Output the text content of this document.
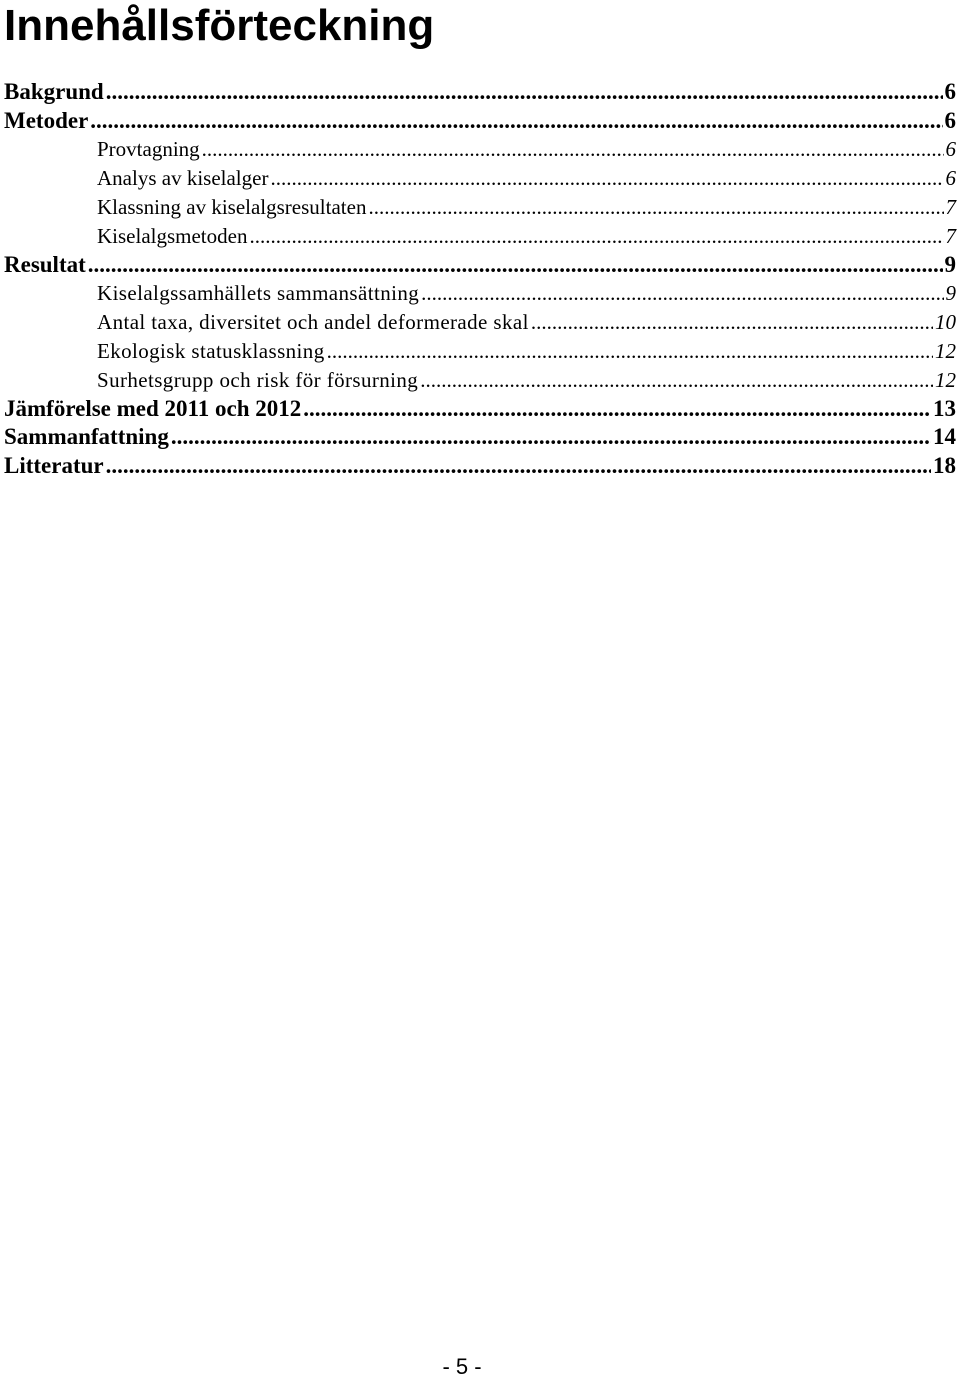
Innehållsförteckning
Bakgrund .....	6
Metoder .....	6
Provtagning .....	6
Analys av kiselalger .....	6
Klassning av kiselalgsresultaten .....	7
Kiselalgsmetoden .....	7
Resultat .....	9
Kiselalgssamhällets sammansättning .....	9
Antal taxa, diversitet och andel deformerade skal .....	10
Ekologisk statusklassning .....	12
Surhetsgrupp och risk för försurning .....	12
Jämförelse med 2011 och 2012 .....	13
Sammanfattning .....	14
Litteratur .....	18
- 5 -
